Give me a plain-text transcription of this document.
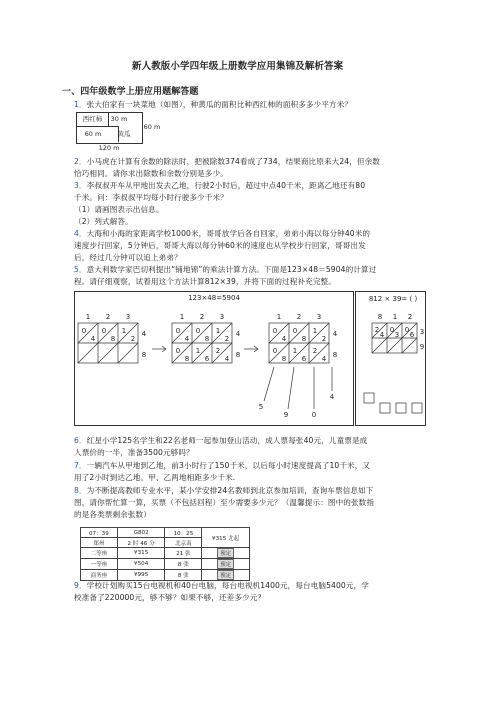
新人教版小学四年级上册数学应用集锦及解析答案
一、四年级数学上册应用题解答题
1．张大伯家有一块菜地（如图），种黄瓜的面积比种西红柿的面积多多少平方米？
西红柿	30 m
60 m	黄瓜
60 m
120 m
2．小马虎在计算有余数的除法时，把被除数374看成了734，结果商比原来大24，但余数
恰巧相同。请你求出除数和余数分别是多少。
3．李叔叔开车从甲地出发去乙地，行驶2小时后，超过中点40千米，距离乙地还有80
千米。问：李叔叔平均每小时行驶多少千米？
（1）请画图表示出信息。
（2）列式解答。
4．大海和小海的家距离学校1000米，哥哥放学后各自回家，弟弟小海以每分钟40米的
速度步行回家，5分钟后，哥哥大海以每分钟60米的速度也从学校步行回家，哥哥出发
后，经过几分钟可以追上弟弟？
5．意大利数学家巴切利提出“铺地锦”的乘法计算方法。下面是123×48＝5904的计算过
程。请仔细观察，试着用这个方法计算812×39，并将下面的过程补充完整。
123×48=5904	812 × 39= ( )
1 2 3
4
8
0
4
0
8
1
2
1 2 3
4
8
0
4
0
8
1
2
0
8
1
6
2
4
1 2 3
4
8
0
4
0
8
1
2
0
8
1
6
2
4
5
9	0
4
8 1 2
3
9
2
4
0
3
0
6
6．红星小学125名学生和22名老师一起参加登山活动，成人票每张40元，儿童票是成
人票价的一半，准备3500元够吗？
7．一辆汽车从甲地到乙地，前3小时行了150千米，以后每小时速度提高了10千米，又
用了2小时到达乙地。甲、乙两地相距多少千米.
8．为不断提高教师专业水平，某小学安排24名教师到北京参加培训，查询车票信息如下
图，请你帮忙算一算，买票（不包括回程）至少需要多少元？（温馨提示：图中的张数指
的是各类票剩余张数）
07：39	G802	10：25	¥315 尤起
郑州	2 时 46 分	北京南	
二等座	¥315	21 张	预定
一等座	¥504	8 张	预定
商务座	¥995	8 张	预定
9．学校计划购买15台电视机和40台电脑，每台电视机1400元，每台电脑5400元，学
校准备了220000元，够不够？如果不够，还差多少元？
